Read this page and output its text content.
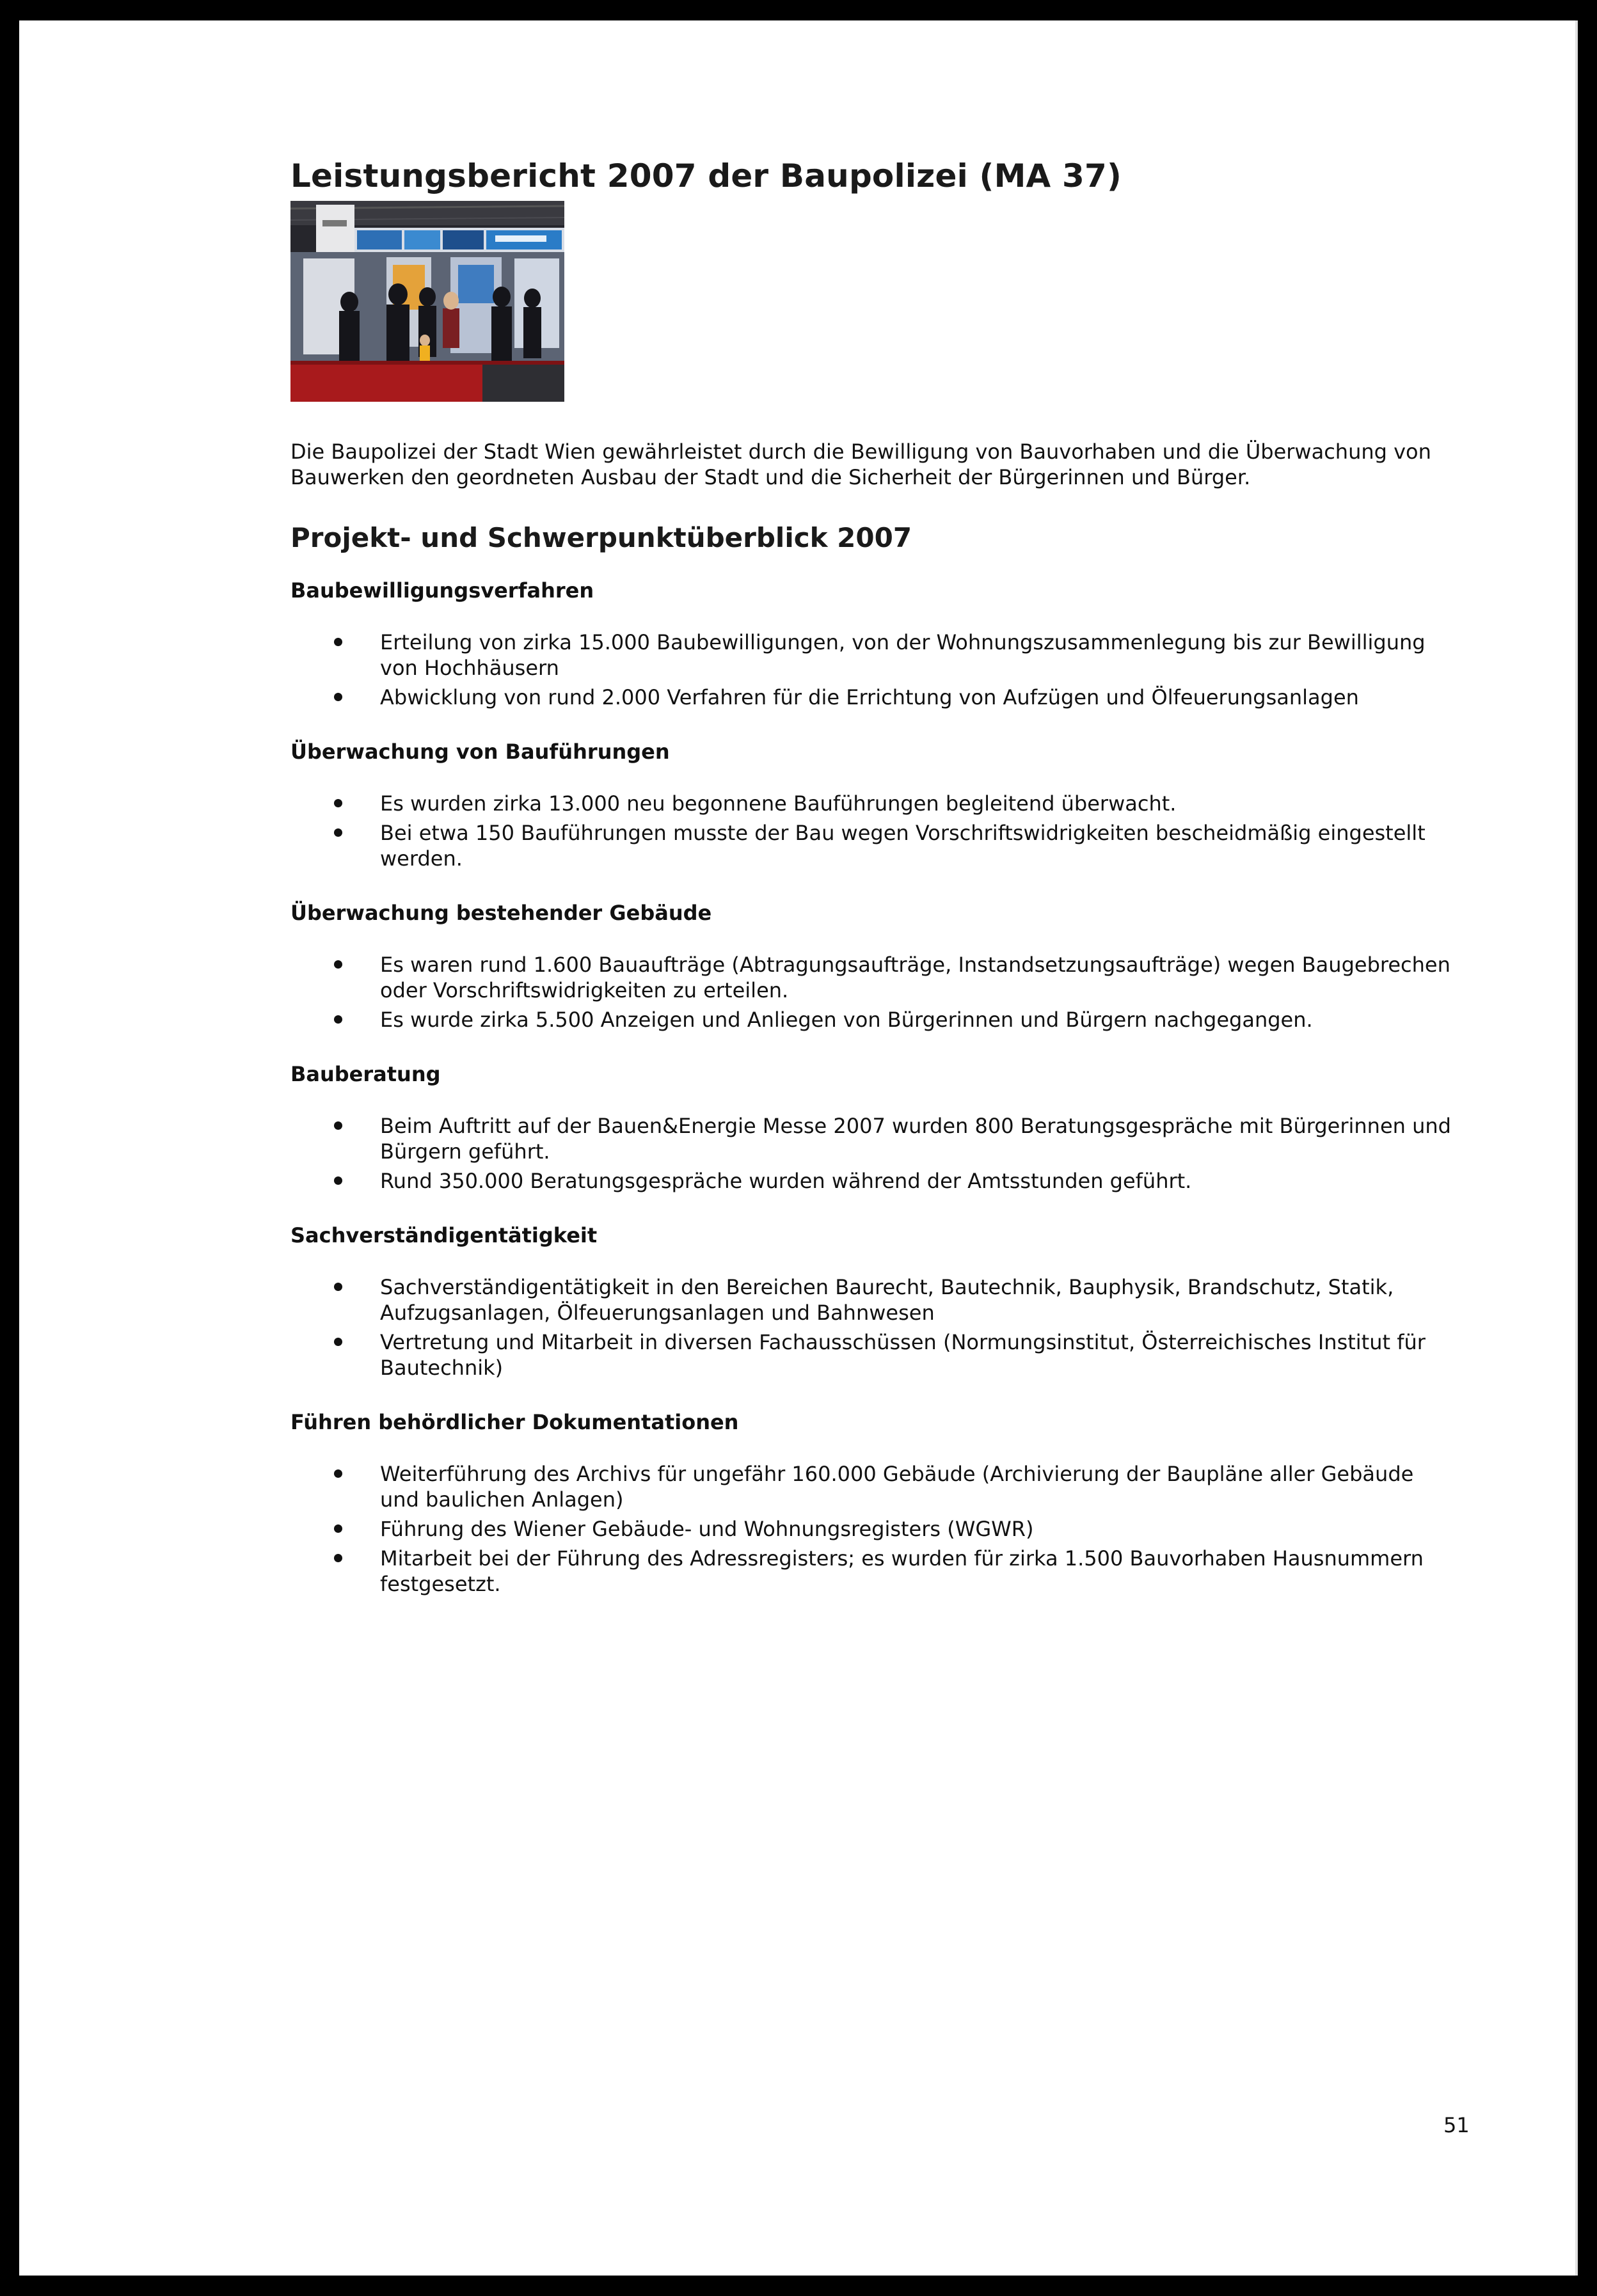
Leistungsbericht 2007 der Baupolizei (MA 37)

Die Baupolizei der Stadt Wien gewährleistet durch die Bewilligung von Bauvorhaben und die Überwachung von Bauwerken den geordneten Ausbau der Stadt und die Sicherheit der Bürgerinnen und Bürger.

Projekt- und Schwerpunktüberblick 2007
Baubewilligungsverfahren
Erteilung von zirka 15.000 Baubewilligungen, von der Wohnungszusammenlegung bis zur Bewilligung von Hochhäusern
Abwicklung von rund 2.000 Verfahren für die Errichtung von Aufzügen und Ölfeuerungsanlagen
Überwachung von Bauführungen
Es wurden zirka 13.000 neu begonnene Bauführungen begleitend überwacht.
Bei etwa 150 Bauführungen musste der Bau wegen Vorschriftswidrigkeiten bescheidmäßig eingestellt werden.
Überwachung bestehender Gebäude
Es waren rund 1.600 Bauaufträge (Abtragungsaufträge, Instandsetzungsaufträge) wegen Baugebrechen oder Vorschriftswidrigkeiten zu erteilen.
Es wurde zirka 5.500 Anzeigen und Anliegen von Bürgerinnen und Bürgern nachgegangen.
Bauberatung
Beim Auftritt auf der Bauen&Energie Messe 2007 wurden 800 Beratungsgespräche mit Bürgerinnen und Bürgern geführt.
Rund 350.000 Beratungsgespräche wurden während der Amtsstunden geführt.
Sachverständigentätigkeit
Sachverständigentätigkeit in den Bereichen Baurecht, Bautechnik, Bauphysik, Brandschutz, Statik, Aufzugsanlagen, Ölfeuerungsanlagen und Bahnwesen
Vertretung und Mitarbeit in diversen Fachausschüssen (Normungsinstitut, Österreichisches Institut für Bautechnik)
Führen behördlicher Dokumentationen
Weiterführung des Archivs für ungefähr 160.000 Gebäude (Archivierung der Baupläne aller Gebäude und baulichen Anlagen)
Führung des Wiener Gebäude- und Wohnungsregisters (WGWR)
Mitarbeit bei der Führung des Adressregisters; es wurden für zirka 1.500 Bauvorhaben Hausnummern festgesetzt.
51
